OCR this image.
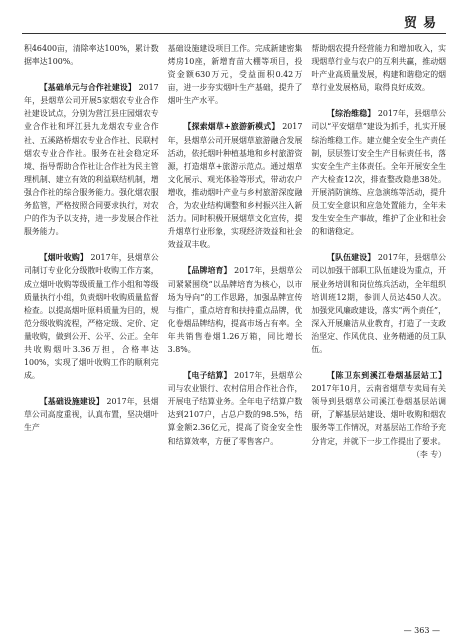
贸易

积46400亩，清除率达100%，累计数据率达100%。

【基础单元与合作社建设】 2017年，县烟草公司开展5家烟农专业合作社建设试点，分别为营江县庄园烟农专业合作社和坪江县九龙烟农专业合作社、五溪路桥烟农专业合作社、民联村烟农专业合作社。服务在社会稳定环境、指导帮助合作社让合作社为民主管理机制、建立有效的利益联结机制，增强合作社的综合服务能力。强化烟农服务监管，严格按照合同要求执行，对农户的作为予以支持，进一步发展合作社服务能力。

【烟叶收购】 2017年，县烟草公司制订专业化分级散叶收购工作方案，成立烟叶收购等级质量工作小组和等级质量执行小组，负责烟叶收购质量监督检查。以提高烟叶原料质量为目的，规范分级收购流程，严格定级、定价、定量收购，做到公开、公平、公正。全年共收购烟叶3.36万担，合格率达100%，实现了烟叶收购工作的顺利完成。

【基础设施建设】 2017年，县烟草公司高度重视，认真布置，坚决烟叶生产

基础设施建设项目工作。完成新建密集烤房10座，新增育苗大棚等项目，投资金额630万元，受益面积0.42万亩，进一步夯实烟叶生产基础，提升了烟叶生产水平。

【探索烟草+旅游新模式】 2017年，县烟草公司开展烟草旅游融合发展活动，依托烟叶种植基地和乡村旅游资源，打造烟草+旅游示范点。通过烟草文化展示、观光体验等形式，带动农户增收，推动烟叶产业与乡村旅游深度融合，为农业结构调整和乡村振兴注入新活力。同时积极开展烟草文化宣传，提升烟草行业形象，实现经济效益和社会效益双丰收。

【品牌培育】 2017年，县烟草公司紧紧围绕“以品牌培育为核心，以市场为导向”的工作思路，加强品牌宣传与推广，重点培育和扶持重点品牌，优化卷烟品牌结构，提高市场占有率。全年共销售卷烟1.26万箱，同比增长3.8%。

【电子结算】 2017年，县烟草公司与农业银行、农村信用合作社合作，开展电子结算业务。全年电子结算户数达到2107户，占总户数的98.5%，结算金额2.36亿元，提高了资金安全性和结算效率，方便了零售客户。

帮助烟农提升经营能力和增加收入，实现烟草行业与农户的互利共赢，推动烟叶产业高质量发展，构建和谐稳定的烟草行业发展格局，取得良好成效。

【综治维稳】 2017年，县烟草公司以“平安烟草”建设为抓手，扎实开展综治维稳工作。建立健全安全生产责任制，层层签订安全生产目标责任书，落实安全生产主体责任。全年开展安全生产大检查12次，排查整改隐患38处。开展消防演练、应急演练等活动，提升员工安全意识和应急处置能力，全年未发生安全生产事故，维护了企业和社会的和谐稳定。

【队伍建设】 2017年，县烟草公司以加强干部职工队伍建设为重点，开展业务培训和岗位练兵活动，全年组织培训班12期，参训人员达450人次。加强党风廉政建设，落实“两个责任”，深入开展廉洁从业教育，打造了一支政治坚定、作风优良、业务精通的员工队伍。

【陈卫东到溪江卷烟基层站工】 2017年10月，云南省烟草专卖局有关领导到县烟草公司溪江卷烟基层站调研，了解基层站建设、烟叶收购和烟农服务等工作情况，对基层站工作给予充分肯定，并就下一步工作提出了要求。

（李 专）

— 363 —
